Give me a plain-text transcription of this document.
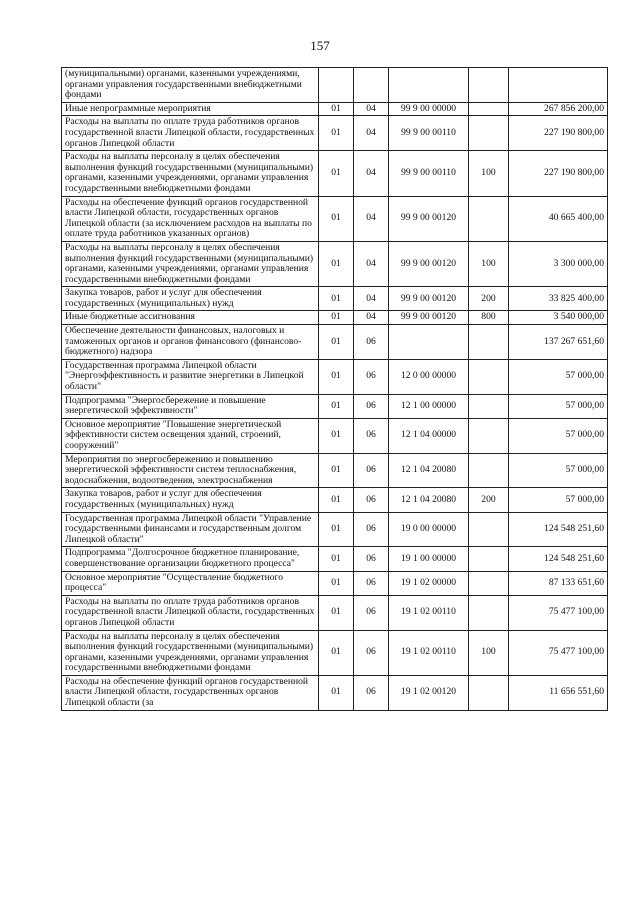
157
(муниципальными) органами, казенными учреждениями, органами управления государственными внебюджетными фондами					
Иные непрограммные мероприятия	01	04	99 9 00 00000		267 856 200,00
Расходы на выплаты по оплате труда работников органов государственной власти Липецкой области, государственных органов Липецкой области	01	04	99 9 00 00110		227 190 800,00
Расходы на выплаты персоналу в целях обеспечения выполнения функций государственными (муниципальными) органами, казенными учреждениями, органами управления государственными внебюджетными фондами	01	04	99 9 00 00110	100	227 190 800,00
Расходы на обеспечение функций органов государственной власти Липецкой области, государственных органов Липецкой области (за исключением расходов на выплаты по оплате труда работников указанных органов)	01	04	99 9 00 00120		40 665 400,00
Расходы на выплаты персоналу в целях обеспечения выполнения функций государственными (муниципальными) органами, казенными учреждениями, органами управления государственными внебюджетными фондами	01	04	99 9 00 00120	100	3 300 000,00
Закупка товаров, работ и услуг для обеспечения государственных (муниципальных) нужд	01	04	99 9 00 00120	200	33 825 400,00
Иные бюджетные ассигнования	01	04	99 9 00 00120	800	3 540 000,00
Обеспечение деятельности финансовых, налоговых и таможенных органов и органов финансового (финансово-бюджетного) надзора	01	06			137 267 651,60
Государственная программа Липецкой области "Энергоэффективность и развитие энергетики в Липецкой области"	01	06	12 0 00 00000		57 000,00
Подпрограмма "Энергосбережение и повышение энергетической эффективности"	01	06	12 1 00 00000		57 000,00
Основное мероприятие "Повышение энергетической эффективности систем освещения зданий, строений, сооружений"	01	06	12 1 04 00000		57 000,00
Мероприятия по энергосбережению и повышению энергетической эффективности систем теплоснабжения, водоснабжения, водоотведения, электроснабжения	01	06	12 1 04 20080		57 000,00
Закупка товаров, работ и услуг для обеспечения государственных (муниципальных) нужд	01	06	12 1 04 20080	200	57 000,00
Государственная программа Липецкой области "Управление государственными финансами и государственным долгом Липецкой области"	01	06	19 0 00 00000		124 548 251,60
Подпрограмма "Долгосрочное бюджетное планирование, совершенствование организации бюджетного процесса"	01	06	19 1 00 00000		124 548 251,60
Основное мероприятие "Осуществление бюджетного процесса"	01	06	19 1 02 00000		87 133 651,60
Расходы на выплаты по оплате труда работников органов государственной власти Липецкой области, государственных органов Липецкой области	01	06	19 1 02 00110		75 477 100,00
Расходы на выплаты персоналу в целях обеспечения выполнения функций государственными (муниципальными) органами, казенными учреждениями, органами управления государственными внебюджетными фондами	01	06	19 1 02 00110	100	75 477 100,00
Расходы на обеспечение функций органов государственной власти Липецкой области, государственных органов Липецкой области (за	01	06	19 1 02 00120		11 656 551,60
